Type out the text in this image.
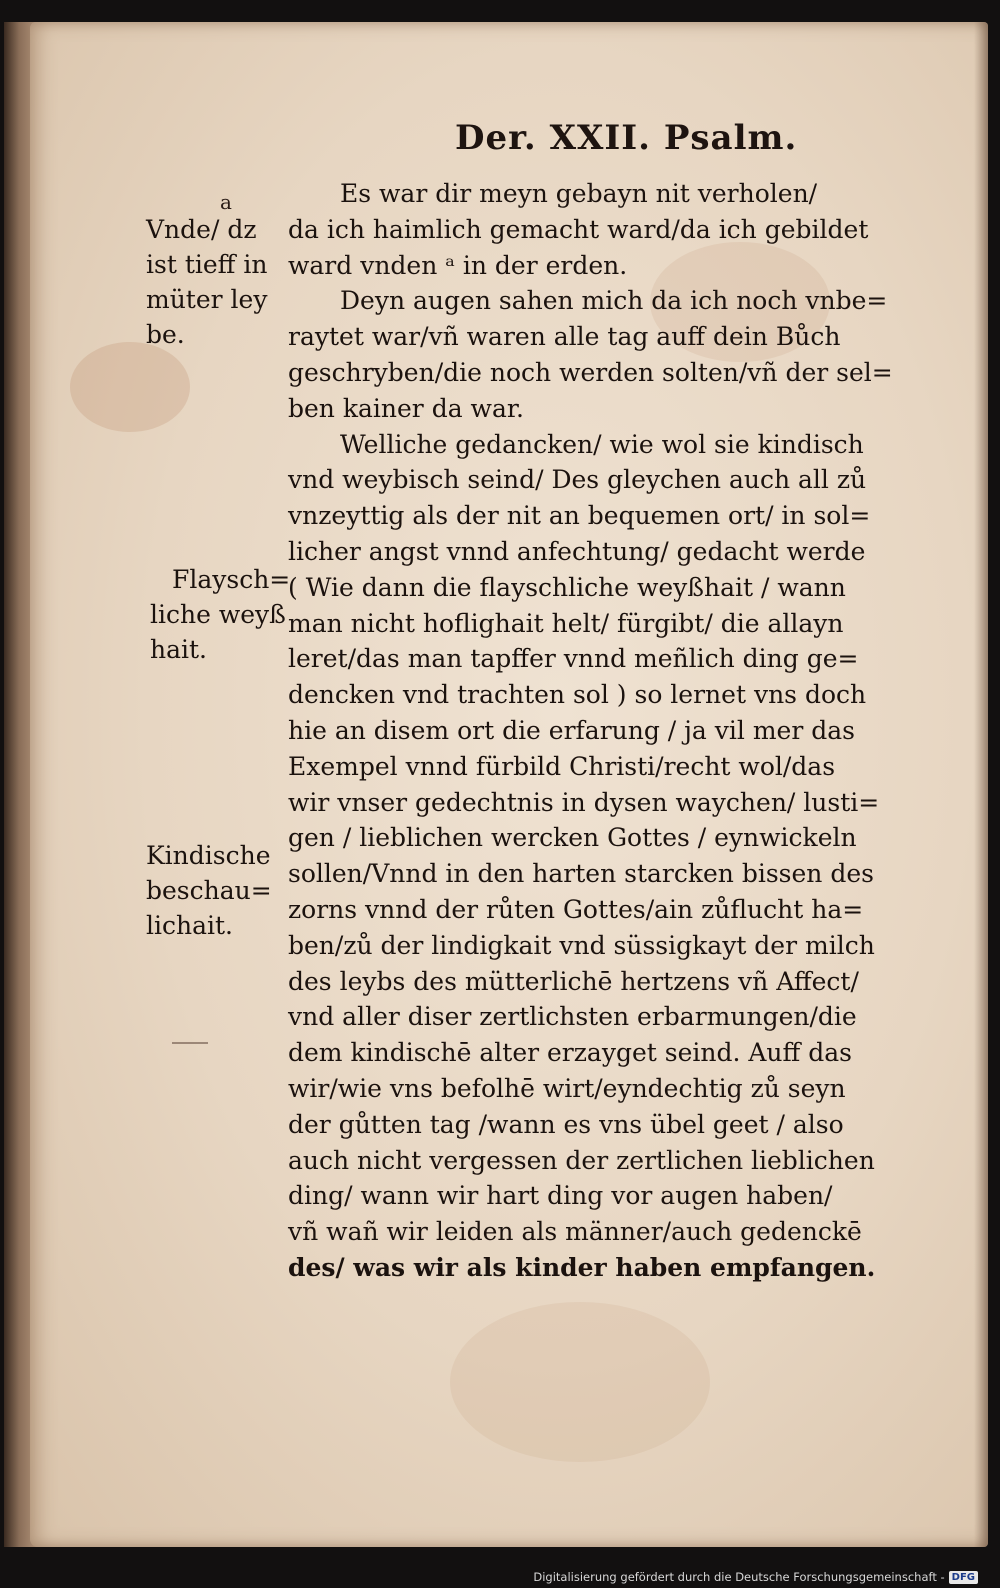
Der. XXII. Psalm.
a
Vnde/ dz
ist tieff in
müter ley
be.
Flaysch=
liche weyß
hait.
Kindische
beschau=
lichait.
Es war dir meyn gebayn nit verholen/
da ich haimlich gemacht ward/da ich gebildet
ward vnden ᵃ in der erden.
Deyn augen sahen mich da ich noch vnbe=
raytet war/vñ waren alle tag auff dein Bůch
geschryben/die noch werden solten/vñ der sel=
ben kainer da war.
Welliche gedancken/ wie wol sie kindisch
vnd weybisch seind/ Des gleychen auch all zů
vnzeyttig als der nit an bequemen ort/ in sol=
licher angst vnnd anfechtung/ gedacht werde
( Wie dann die flayschliche weyßhait / wann
man nicht hoflighait helt/ fürgibt/ die allayn
leret/das man tapffer vnnd meñlich ding ge=
dencken vnd trachten sol ) so lernet vns doch
hie an disem ort die erfarung / ja vil mer das
Exempel vnnd fürbild Christi/recht wol/das
wir vnser gedechtnis in dysen waychen/ lusti=
gen / lieblichen wercken Gottes / eynwickeln
sollen/Vnnd in den harten starcken bissen des
zorns vnnd der růten Gottes/ain zůflucht ha=
ben/zů der lindigkait vnd süssigkayt der milch
des leybs des mütterlichē hertzens vñ Affect/
vnd aller diser zertlichsten erbarmungen/die
dem kindischē alter erzayget seind. Auff das
wir/wie vns befolhē wirt/eyndechtig zů seyn
der gůtten tag /wann es vns übel geet / also
auch nicht vergessen der zertlichen lieblichen
ding/ wann wir hart ding vor augen haben/
vñ wañ wir leiden als männer/auch gedenckē
des/ was wir als kinder haben empfangen.
Digitalisierung gefördert durch die Deutsche Forschungsgemeinschaft - DFG
